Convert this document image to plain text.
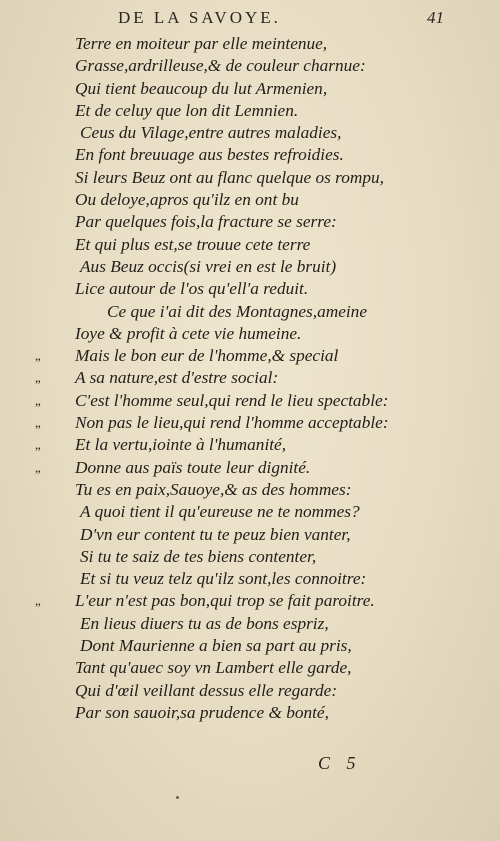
DE LA SAVOYE.	41
Terre en moiteur par elle meintenue,
Grasse,ardrilleuse,& de couleur charnue:
Qui tient beaucoup du lut Armenien,
Et de celuy que lon dit Lemnien.
Ceus du Vilage,entre autres maladies,
En font breuuage aus bestes refroidies.
Si leurs Beuz ont au flanc quelque os rompu,
Ou deloye,apros qu'ilz en ont bu
Par quelques fois,la fracture se serre:
Et qui plus est,se trouue cete terre
Aus Beuz occis(si vrei en est le bruit)
Lice autour de l'os qu'ell'a reduit.
Ce que i'ai dit des Montagnes,ameine
Ioye & profit à cete vie humeine.
„ Mais le bon eur de l'homme,& special
„ A sa nature,est d'estre social:
„ C'est l'homme seul,qui rend le lieu spectable:
„ Non pas le lieu,qui rend l'homme acceptable:
„ Et la vertu,iointe à l'humanité,
„ Donne aus païs toute leur dignité.
Tu es en paix,Sauoye,& as des hommes:
A quoi tient il qu'eureuse ne te nommes?
D'vn eur content tu te peuz bien vanter,
Si tu te saiz de tes biens contenter,
Et si tu veuz telz qu'ilz sont,les connoitre:
„ L'eur n'est pas bon,qui trop se fait paroitre.
En lieus diuers tu as de bons espriz,
Dont Maurienne a bien sa part au pris,
Tant qu'auec soy vn Lambert elle garde,
Qui d'œil veillant dessus elle regarde:
Par son sauoir,sa prudence & bonté,
C 5
